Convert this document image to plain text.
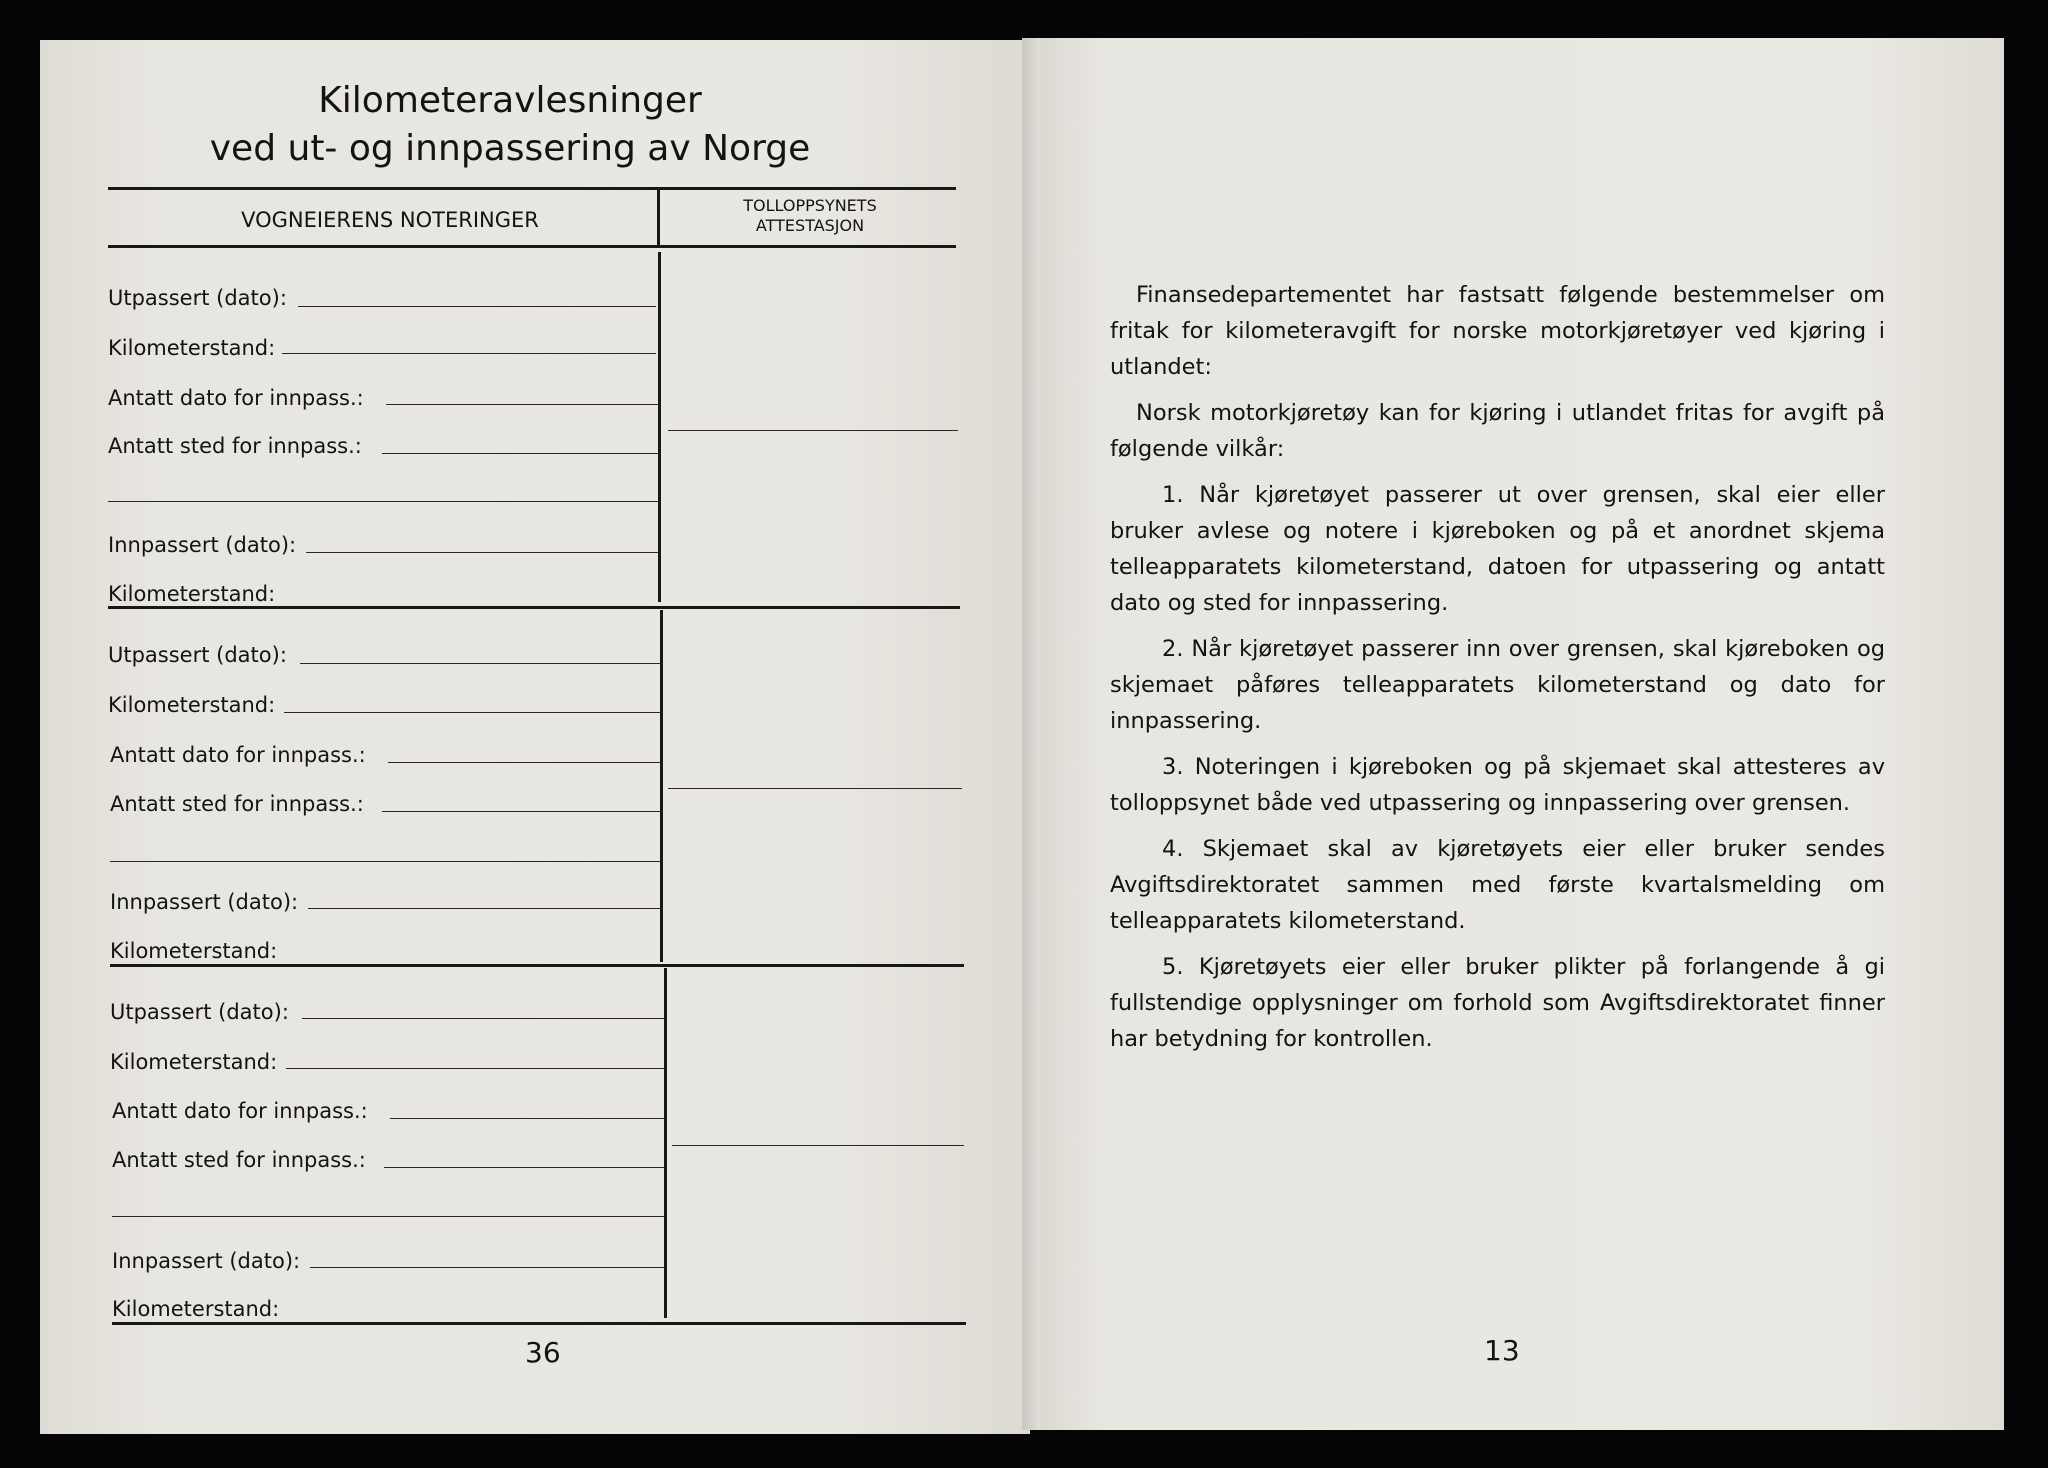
Kilometeravlesninger
ved ut- og innpassering av Norge
VOGNEIERENS NOTERINGER
TOLLOPPSYNETS
ATTESTASJON
Utpassert (dato):
Kilometerstand:
Antatt dato for innpass.:
Antatt sted for innpass.:
Innpassert (dato):
Kilometerstand:
Utpassert (dato):
Kilometerstand:
Antatt dato for innpass.:
Antatt sted for innpass.:
Innpassert (dato):
Kilometerstand:
Utpassert (dato):
Kilometerstand:
Antatt dato for innpass.:
Antatt sted for innpass.:
Innpassert (dato):
Kilometerstand:
36

Finansedepartementet har fastsatt følgende bestemmelser om fritak for kilometeravgift for norske motorkjøretøyer ved kjøring i utlandet:

Norsk motorkjøretøy kan for kjøring i utlandet fritas for avgift på følgende vilkår:

1. Når kjøretøyet passerer ut over grensen, skal eier eller bruker avlese og notere i kjøreboken og på et anordnet skjema telleapparatets kilometerstand, datoen for utpassering og antatt dato og sted for innpassering.

2. Når kjøretøyet passerer inn over grensen, skal kjøreboken og skjemaet påføres telleapparatets kilometerstand og dato for innpassering.

3. Noteringen i kjøreboken og på skjemaet skal attesteres av tolloppsynet både ved utpassering og innpassering over grensen.

4. Skjemaet skal av kjøretøyets eier eller bruker sendes Avgiftsdirektoratet sammen med første kvartalsmelding om telleapparatets kilometerstand.

5. Kjøretøyets eier eller bruker plikter på forlangende å gi fullstendige opplysninger om forhold som Avgiftsdirektoratet finner har betydning for kontrollen.

13
